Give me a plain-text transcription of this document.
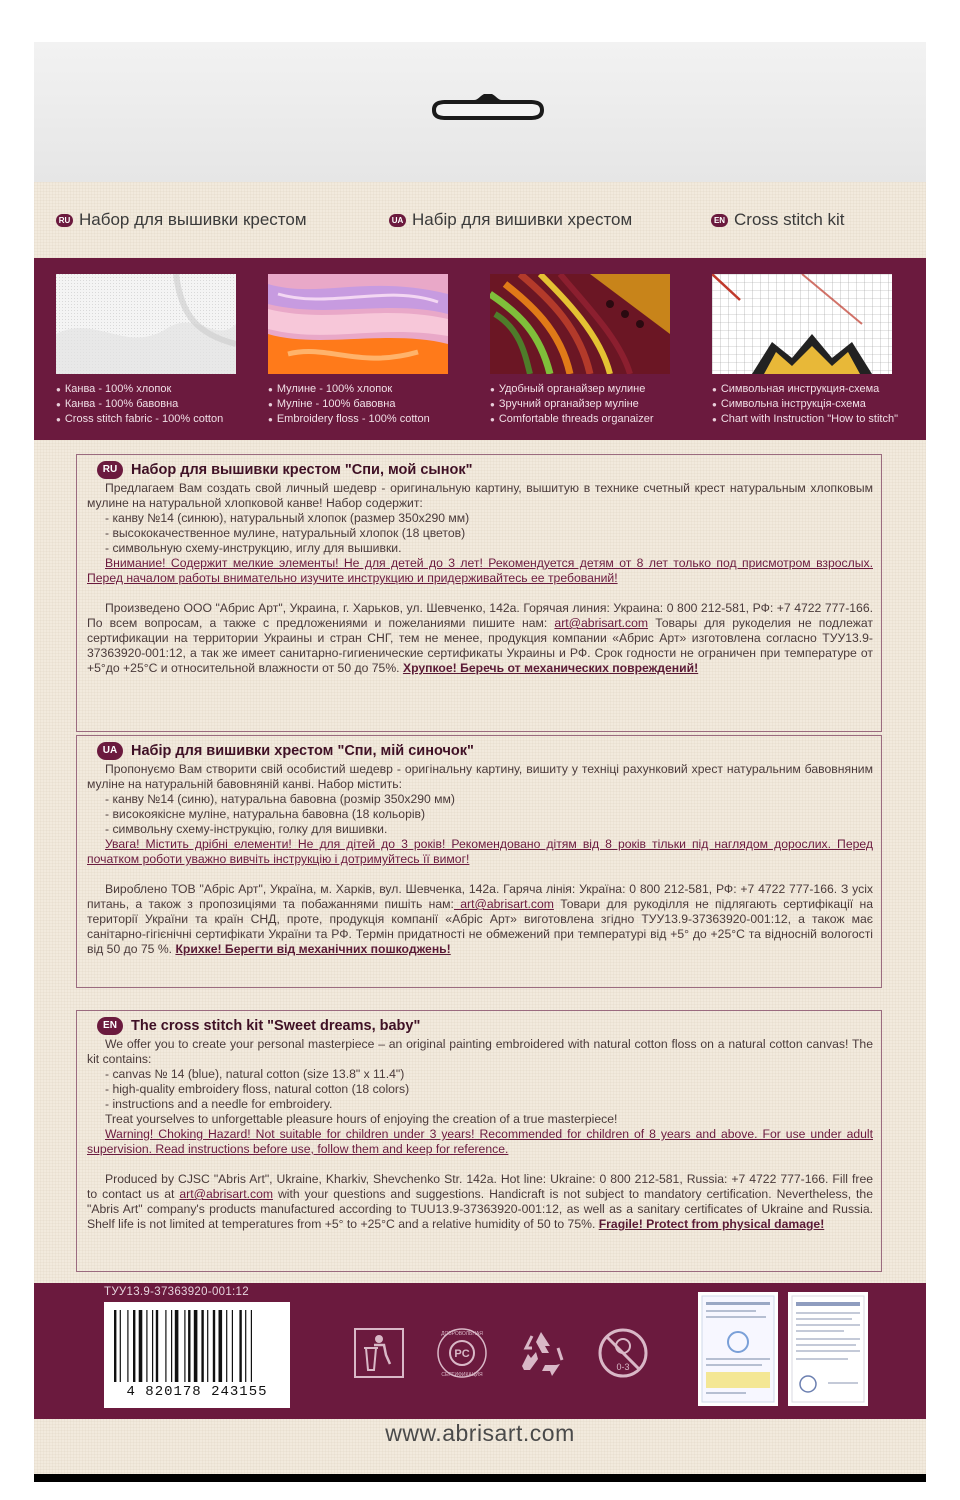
RU Набор для вышивки крестом	UA Набір для вишивки хрестом	EN Cross stitch kit
● Канва - 100% хлопок
● Канва - 100% бавовна
● Cross stitch fabric - 100% cotton
● Мулине - 100% хлопок
● Муліне - 100% бавовна
● Embroidery floss - 100% cotton
● Удобный органайзер мулине
● Зручний органайзер муліне
● Comfortable threads organaizer
● Символьная инструкция-схема
● Символьна інструкція-схема
● Chart with Instruction "How to stitch"
RU Набор для вышивки крестом "Спи, мой сынок"

Предлагаем Вам создать свой личный шедевр - оригинальную картину, вышитую в технике счетный крест натуральным хлопковым мулине на натуральной хлопковой канве! Набор содержит:

- канву №14 (синюю), натуральный хлопок (размер 350х290 мм)

- высококачественное мулине, натуральный хлопок (18 цветов)

- символьную схему-инструкцию, иглу для вышивки.

Внимание! Содержит мелкие элементы! Не для детей до 3 лет! Рекомендуется детям от 8 лет только под присмотром взрослых. Перед началом работы внимательно изучите инструкцию и придерживайтесь ее требований!

Произведено ООО "Абрис Арт", Украина, г. Харьков, ул. Шевченко, 142а. Горячая линия: Украина: 0 800 212-581, РФ: +7 4722 777-166. По всем вопросам, а также с предложениями и пожеланиями пишите нам: art@abrisart.com Товары для рукоделия не подлежат сертификации на территории Украины и стран СНГ, тем не менее, продукция компании «Абрис Арт» изготовлена согласно ТУУ13.9-37363920-001:12, а так же имеет санитарно-гигиенические сертификаты Украины и РФ. Срок годности не ограничен при температуре от +5°до +25°С и относительной влажности от 50 до 75%. Хрупкое! Беречь от механических повреждений!

UA Набір для вишивки хрестом "Спи, мій синочок"

Пропонуємо Вам створити свій особистий шедевр - оригінальну картину, вишиту у техніці рахунковий хрест натуральним бавовняним муліне на натуральній бавовняній канві. Набор містить:

- канву №14 (синю), натуральна бавовна (розмір 350х290 мм)

- високоякісне муліне, натуральна бавовна (18 кольорів)

- символьну схему-інструкцію, голку для вишивки.

Увага! Містить дрібні елементи! Не для дітей до 3 років! Рекомендовано дітям від 8 років тільки під наглядом дорослих. Перед початком роботи уважно вивчіть інструкцію і дотримуйтесь її вимог!

Вироблено ТОВ "Абріс Арт", Україна, м. Харків, вул. Шевченка, 142а. Гаряча лінія: Україна: 0 800 212-581, РФ: +7 4722 777-166. З усіх питань, а також з пропозиціями та побажаннями пишіть нам: art@abrisart.com Товари для рукоділля не підлягають сертифікації на території України та країн СНД, проте, продукція компанії «Абріс Арт» виготовлена згідно ТУУ13.9-37363920-001:12, а також має санітарно-гігієнічні сертифікати України та РФ. Термін придатності не обмежений при температурі від +5° до +25°С та відносній вологості від 50 до 75 %. Крихке! Берегти від механічних пошкоджень!

EN The cross stitch kit "Sweet dreams, baby"

We offer you to create your personal masterpiece – an original painting embroidered with natural cotton floss on a natural cotton canvas! The kit contains:

- canvas № 14 (blue), natural cotton (size 13.8" x 11.4")

- high-quality embroidery floss, natural cotton (18 colors)

- instructions and a needle for embroidery.

Treat yourselves to unforgettable pleasure hours of enjoying the creation of a true masterpiece!

Warning! Choking Hazard! Not suitable for children under 3 years! Recommended for children of 8 years and above. For use under adult supervision. Read instructions before use, follow them and keep for reference.

Produced by CJSC "Abris Art", Ukraine, Kharkiv, Shevchenko Str. 142a. Hot line: Ukraine: 0 800 212-581, Russia: +7 4722 777-166. Fill free to contact us at art@abrisart.com with your questions and suggestions. Handicraft is not subject to mandatory certification. Nevertheless, the "Abris Art" company's products manufactured according to TUU13.9-37363920-001:12, as well as a sanitary certificates of Ukraine and Russia. Shelf life is not limited at temperatures from +5° to +25°C and a relative humidity of 50 to 75%. Fragile! Protect from physical damage!

ТУУ13.9-37363920-001:12
4 820178 243155
PC
ДОБРОВОЛЬНАЯ
СЕРТИФИКАЦИЯ
0-3
www.abrisart.com
